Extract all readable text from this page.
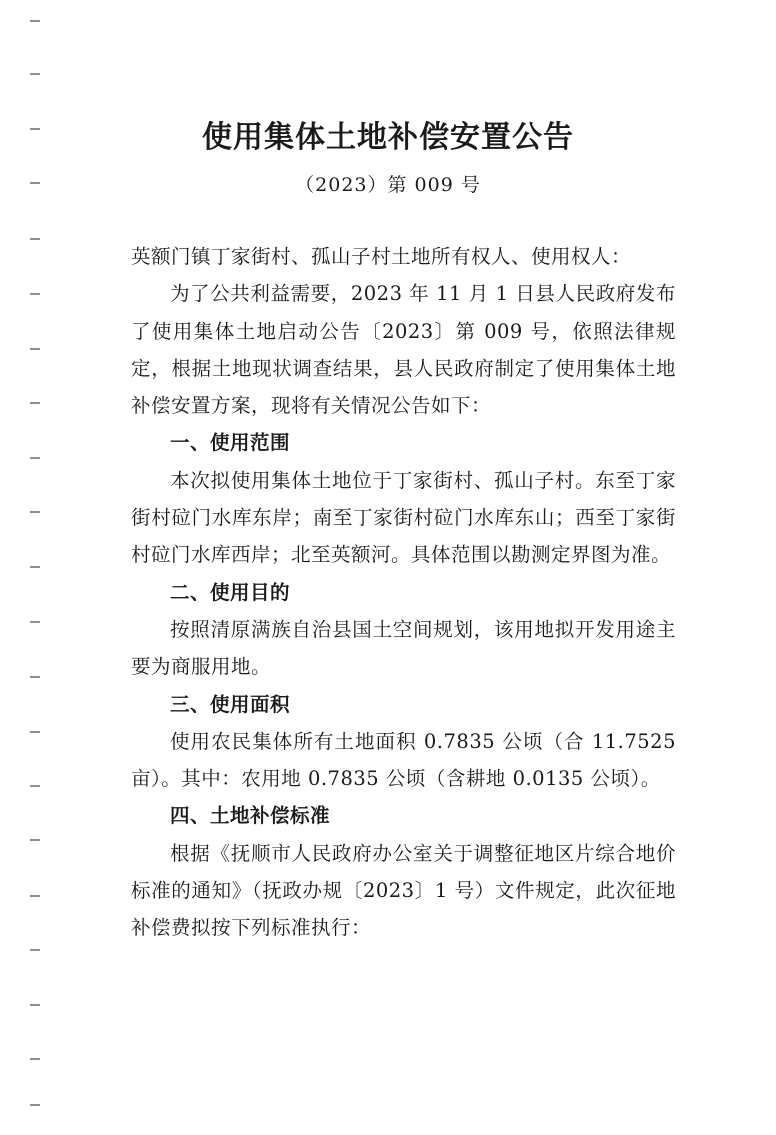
使用集体土地补偿安置公告
（2023）第 009 号

英额门镇丁家街村、孤山子村土地所有权人、使用权人：

为了公共利益需要，2023 年 11 月 1 日县人民政府发布了使用集体土地启动公告〔2023〕第 009 号，依照法律规定，根据土地现状调查结果，县人民政府制定了使用集体土地补偿安置方案，现将有关情况公告如下：

一、使用范围

本次拟使用集体土地位于丁家街村、孤山子村。东至丁家街村砬门水库东岸；南至丁家街村砬门水库东山；西至丁家街村砬门水库西岸；北至英额河。具体范围以勘测定界图为准。

二、使用目的

按照清原满族自治县国土空间规划，该用地拟开发用途主要为商服用地。

三、使用面积

使用农民集体所有土地面积 0.7835 公顷（合 11.7525 亩）。其中：农用地 0.7835 公顷（含耕地 0.0135 公顷）。

四、土地补偿标准

根据《抚顺市人民政府办公室关于调整征地区片综合地价标准的通知》（抚政办规〔2023〕1 号）文件规定，此次征地补偿费拟按下列标准执行：
